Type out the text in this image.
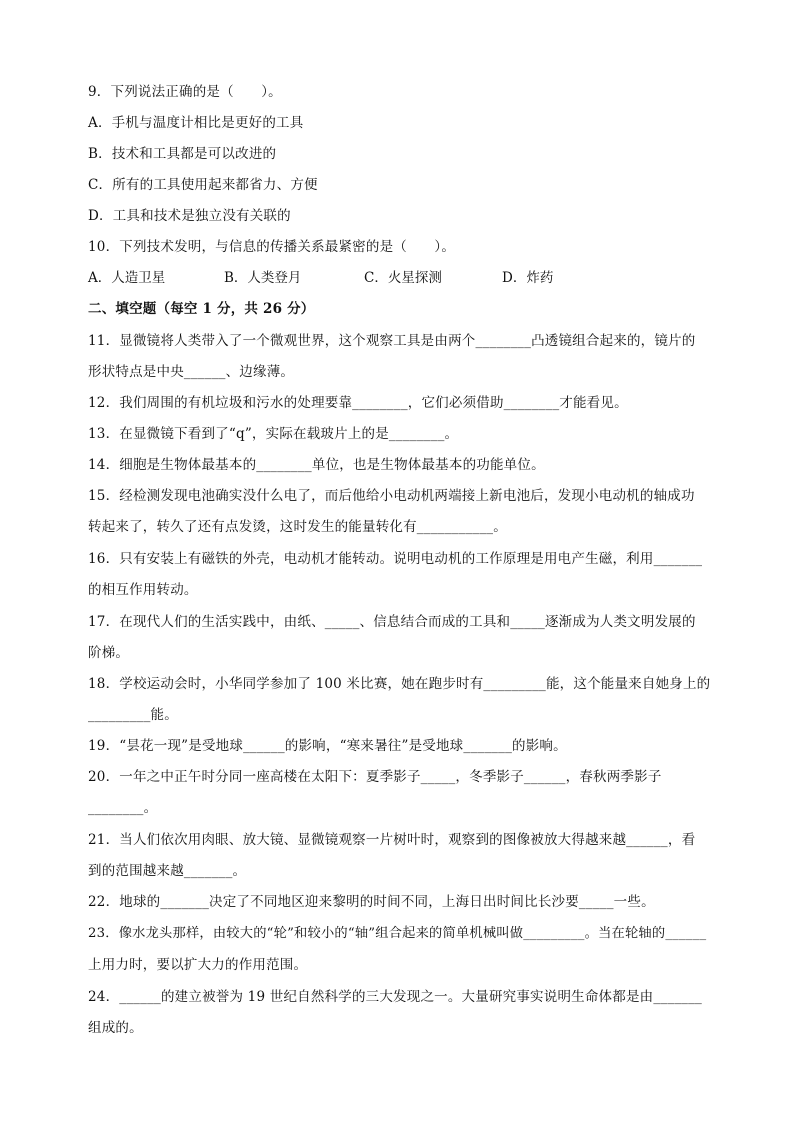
9．下列说法正确的是（　　）。
A．手机与温度计相比是更好的工具
B．技术和工具都是可以改进的
C．所有的工具使用起来都省力、方便
D．工具和技术是独立没有关联的
10．下列技术发明，与信息的传播关系最紧密的是（　　）。
A．人造卫星	B．人类登月	C．火星探测	D．炸药
二、填空题（每空 1 分，共 26 分）
11．显微镜将人类带入了一个微观世界，这个观察工具是由两个________凸透镜组合起来的，镜片的
形状特点是中央______、边缘薄。
12．我们周围的有机垃圾和污水的处理要靠________，它们必须借助________才能看见。
13．在显微镜下看到了“q”，实际在载玻片上的是________。
14．细胞是生物体最基本的________单位，也是生物体最基本的功能单位。
15．经检测发现电池确实没什么电了，而后他给小电动机两端接上新电池后，发现小电动机的轴成功
转起来了，转久了还有点发烫，这时发生的能量转化有___________。
16．只有安装上有磁铁的外壳，电动机才能转动。说明电动机的工作原理是用电产生磁，利用_______
的相互作用转动。
17．在现代人们的生活实践中，由纸、_____、信息结合而成的工具和_____逐渐成为人类文明发展的
阶梯。
18．学校运动会时，小华同学参加了 100 米比赛，她在跑步时有_________能，这个能量来自她身上的
_________能。
19．“昙花一现”是受地球______的影响，“寒来暑往”是受地球_______的影响。
20．一年之中正午时分同一座高楼在太阳下：夏季影子_____，冬季影子______，春秋两季影子
________。
21．当人们依次用肉眼、放大镜、显微镜观察一片树叶时，观察到的图像被放大得越来越______，看
到的范围越来越_______。
22．地球的_______决定了不同地区迎来黎明的时间不同，上海日出时间比长沙要_____一些。
23．像水龙头那样，由较大的“轮”和较小的“轴”组合起来的简单机械叫做_________。当在轮轴的______
上用力时，要以扩大力的作用范围。
24．______的建立被誉为 19 世纪自然科学的三大发现之一。大量研究事实说明生命体都是由_______
组成的。
